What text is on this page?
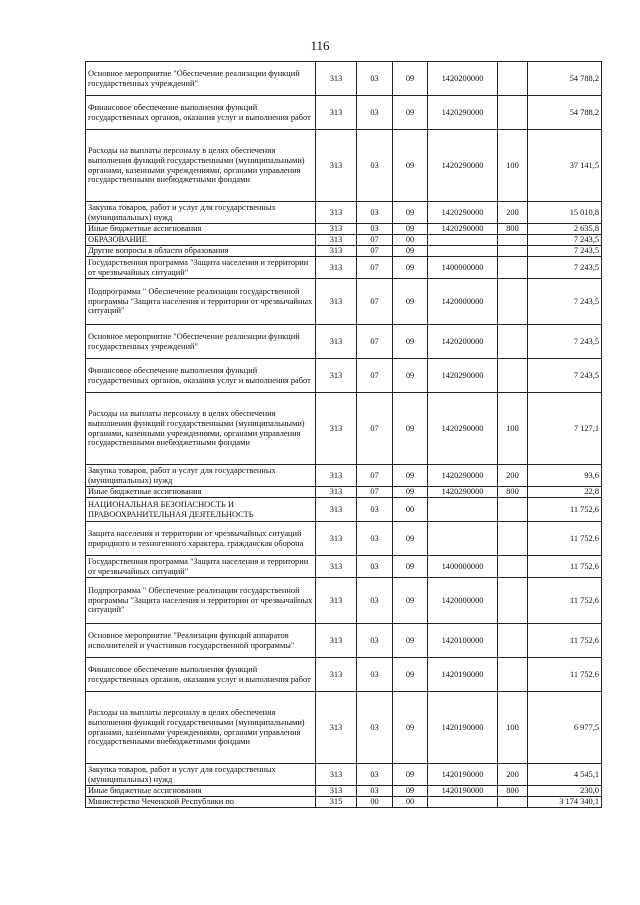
116
Основное мероприятие "Обеспечение реализации функций государственных учреждений"	313	03	09	1420200000		54 788,2
Финансовое обеспечение выполнения функций государственных органов, оказания услуг и выполнения работ	313	03	09	1420290000		54 788,2
Расходы на выплаты персоналу в целях обеспечения выполнения функций государственными (муниципальными) органами, казенными учреждениями, органами управления государственными внебюджетными фондами	313	03	09	1420290000	100	37 141,5
Закупка товаров, работ и услуг для государственных (муниципальных) нужд	313	03	09	1420290000	200	15 010,8
Иные бюджетные ассигнования	313	03	09	1420290000	800	2 635,8
ОБРАЗОВАНИЕ	313	07	00			7 243,5
Другие вопросы в области образования	313	07	09			7 243,5
Государственная программа "Защита населения и территории от чрезвычайных ситуаций"	313	07	09	1400000000		7 243,5
Подпрограмма " Обеспечение реализации государственной программы "Защита населения и территории от чрезвычайных ситуаций"	313	07	09	1420000000		7 243,5
Основное мероприятие "Обеспечение реализации функций государственных учреждений"	313	07	09	1420200000		7 243,5
Финансовое обеспечение выполнения функций государственных органов, оказания услуг и выполнения работ	313	07	09	1420290000		7 243,5
Расходы на выплаты персоналу в целях обеспечения выполнения функций государственными (муниципальными) органами, казенными учреждениями, органами управления государственными внебюджетными фондами	313	07	09	1420290000	100	7 127,1
Закупка товаров, работ и услуг для государственных (муниципальных) нужд	313	07	09	1420290000	200	93,6
Иные бюджетные ассигнования	313	07	09	1420290000	800	22,8
НАЦИОНАЛЬНАЯ БЕЗОПАСНОСТЬ И ПРАВООХРАНИТЕЛЬНАЯ ДЕЯТЕЛЬНОСТЬ	313	03	00			11 752,6
Защита населения и территории от чрезвычайных ситуаций природного и техногенного характера, гражданская оборона	313	03	09			11 752,6
Государственная программа "Защита населения и территории от чрезвычайных ситуаций"	313	03	09	1400000000		11 752,6
Подпрограмма " Обеспечение реализации государственной программы "Защита населения и территории от чрезвычайных ситуаций"	313	03	09	1420000000		11 752,6
Основное мероприятие "Реализация функций аппаратов исполнителей и участников государственной программы"	313	03	09	1420100000		11 752,6
Финансовое обеспечение выполнения функций государственных органов, оказания услуг и выполнения работ	313	03	09	1420190000		11 752,6
Расходы на выплаты персоналу в целях обеспечения выполнения функций государственными (муниципальными) органами, казенными учреждениями, органами управления государственными внебюджетными фондами	313	03	09	1420190000	100	6 977,5
Закупка товаров, работ и услуг для государственных (муниципальных) нужд	313	03	09	1420190000	200	4 545,1
Иные бюджетные ассигнования	313	03	09	1420190000	800	230,0
Министерство Чеченской Республики по	315	00	00			3 174 340,1
